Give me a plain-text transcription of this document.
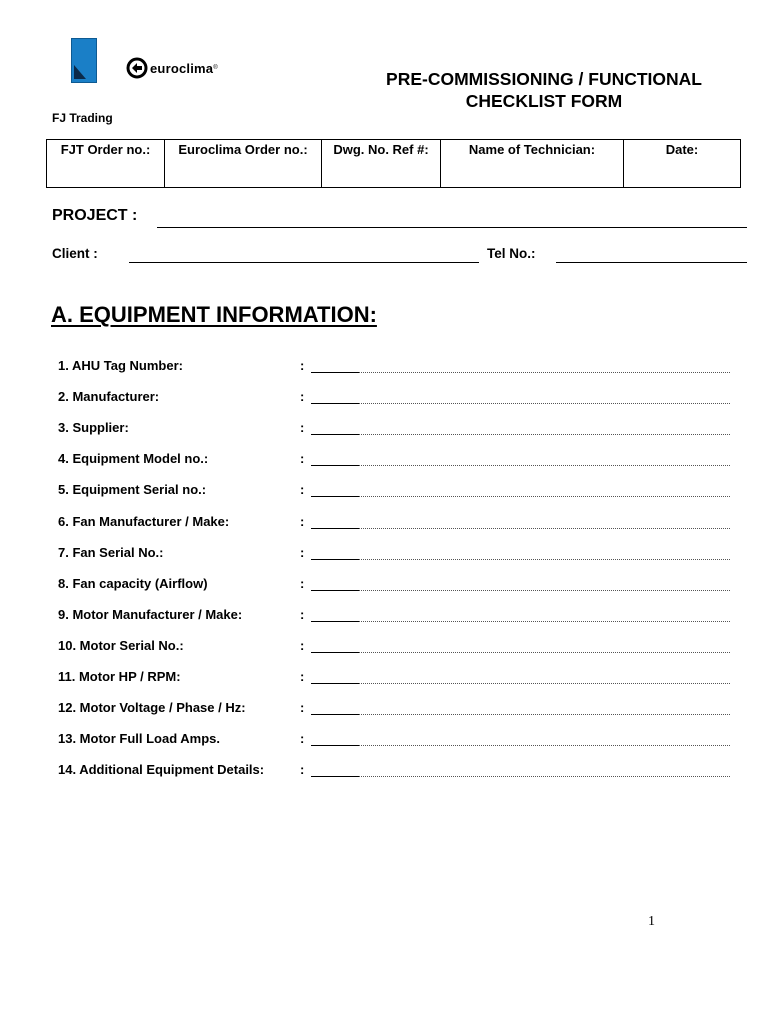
euroclima ®
FJ Trading
PRE-COMMISSIONING / FUNCTIONAL
CHECKLIST FORM
FJT Order no.:	Euroclima Order no.:	Dwg. No. Ref #:	Name of Technician:	Date:
PROJECT :
Client :	Tel No.:
A. EQUIPMENT INFORMATION:
1. AHU Tag Number:	:
2. Manufacturer:	:
3. Supplier:	:
4. Equipment Model no.:	:
5. Equipment Serial no.:	:
6. Fan Manufacturer / Make:	:
7. Fan Serial No.:	:
8. Fan capacity (Airflow)	:
9. Motor Manufacturer / Make:	:
10. Motor Serial No.:	:
11. Motor HP / RPM:	:
12. Motor Voltage / Phase / Hz:	:
13. Motor Full Load Amps.	:
14. Additional Equipment Details:	:
1
